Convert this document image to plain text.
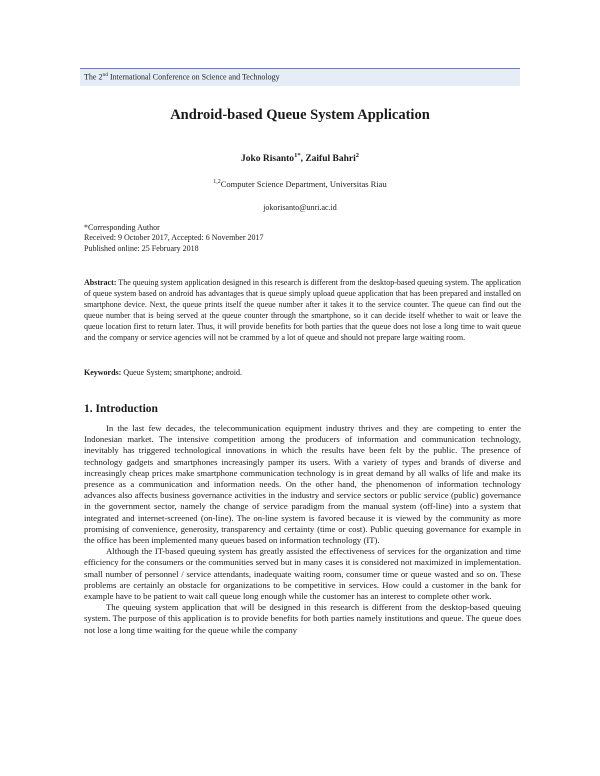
The 2nd International Conference on Science and Technology
Android-based Queue System Application
Joko Risanto$^{1*}$, Zaiful Bahri$^2$
$^{1,2}$Computer Science Department, Universitas Riau
jokorisanto@unri.ac.id
*Corresponding Author
Received: 9 October 2017, Accepted: 6 November 2017
Published online: 25 February 2018
Abstract: The queuing system application designed in this research is different from the desktop-based queuing system. The application of queue system based on android has advantages that is queue simply upload queue application that has been prepared and installed on smartphone device. Next, the queue prints itself the queue number after it takes it to the service counter. The queue can find out the queue number that is being served at the queue counter through the smartphone, so it can decide itself whether to wait or leave the queue location first to return later. Thus, it will provide benefits for both parties that the queue does not lose a long time to wait queue and the company or service agencies will not be crammed by a lot of queue and should not prepare large waiting room.
Keywords: Queue System; smartphone; android.
1. Introduction

In the last few decades, the telecommunication equipment industry thrives and they are competing to enter the Indonesian market. The intensive competition among the producers of information and communication technology, inevitably has triggered technological innovations in which the results have been felt by the public. The presence of technology gadgets and smartphones increasingly pamper its users. With a variety of types and brands of diverse and increasingly cheap prices make smartphone communication technology is in great demand by all walks of life and make its presence as a communication and information needs. On the other hand, the phenomenon of information technology advances also affects business governance activities in the industry and service sectors or public service (public) governance in the government sector, namely the change of service paradigm from the manual system (off-line) into a system that integrated and internet-screened (on-line). The on-line system is favored because it is viewed by the community as more promising of convenience, generosity, transparency and certainty (time or cost). Public queuing governance for example in the office has been implemented many queues based on information technology (IT).

Although the IT-based queuing system has greatly assisted the effectiveness of services for the organization and time efficiency for the consumers or the communities served but in many cases it is considered not maximized in implementation. small number of personnel / service attendants, inadequate waiting room, consumer time or queue wasted and so on. These problems are certainly an obstacle for organizations to be competitive in services. How could a customer in the bank for example have to be patient to wait call queue long enough while the customer has an interest to complete other work.

The queuing system application that will be designed in this research is different from the desktop-based queuing system. The purpose of this application is to provide benefits for both parties namely institutions and queue. The queue does not lose a long time waiting for the queue while the company
